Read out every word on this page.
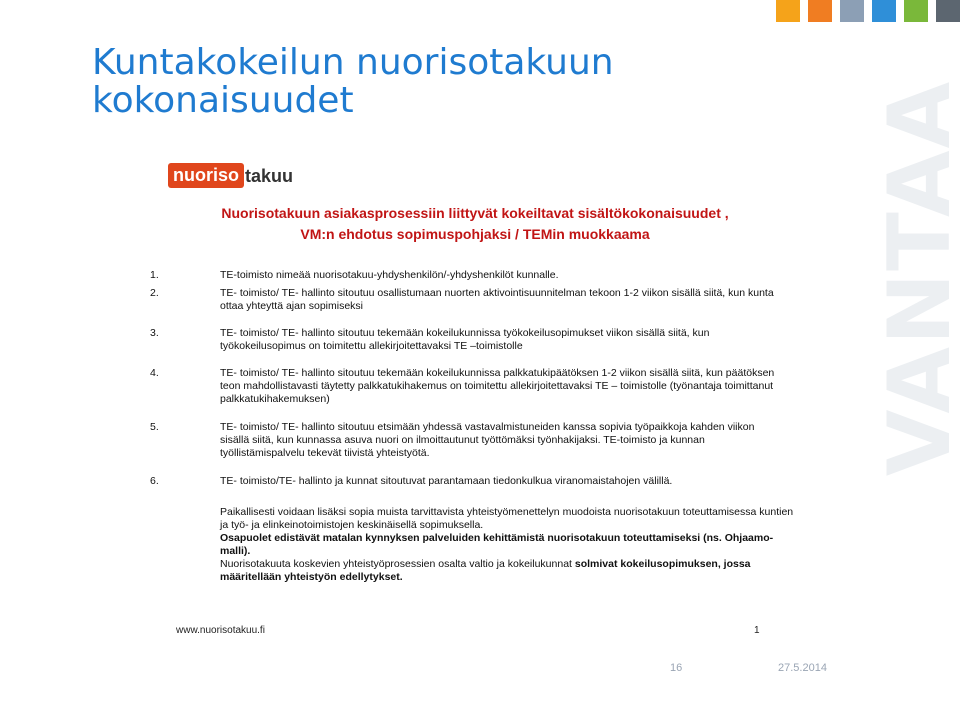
VANTAA
Kuntakokeilun nuorisotakuun
kokonaisuudet
nuoriso takuu
Nuorisotakuun asiakasprosessiin liittyvät kokeiltavat sisältökokonaisuudet ,
VM:n ehdotus sopimuspohjaksi / TEMin muokkaama
1.	TE-toimisto nimeää nuorisotakuu-yhdyshenkilön/-yhdyshenkilöt kunnalle.
2.	TE- toimisto/ TE- hallinto sitoutuu osallistumaan nuorten aktivointisuunnitelman tekoon 1-2 viikon sisällä siitä, kun kunta ottaa yhteyttä ajan sopimiseksi
3.	TE- toimisto/ TE- hallinto sitoutuu tekemään kokeilukunnissa työkokeilusopimukset viikon sisällä siitä, kun työkokeilusopimus on toimitettu allekirjoitettavaksi TE –toimistolle
4.	TE- toimisto/ TE- hallinto sitoutuu tekemään kokeilukunnissa palkkatukipäätöksen 1-2 viikon sisällä siitä, kun päätöksen teon mahdollistavasti täytetty palkkatukihakemus on toimitettu allekirjoitettavaksi TE – toimistolle (työnantaja toimittanut palkkatukihakemuksen)
5.	TE- toimisto/ TE- hallinto sitoutuu etsimään yhdessä vastavalmistuneiden kanssa sopivia työpaikkoja kahden viikon sisällä siitä, kun kunnassa asuva nuori on ilmoittautunut työttömäksi työnhakijaksi. TE-toimisto ja kunnan työllistämispalvelu tekevät tiivistä yhteistyötä.
6.	TE- toimisto/TE- hallinto ja kunnat sitoutuvat parantamaan tiedonkulkua viranomaistahojen välillä.

Paikallisesti voidaan lisäksi sopia muista tarvittavista yhteistyömenettelyn muodoista nuorisotakuun toteuttamisessa kuntien ja työ- ja elinkeinotoimistojen keskinäisellä sopimuksella.

Osapuolet edistävät matalan kynnyksen palveluiden kehittämistä nuorisotakuun toteuttamiseksi (ns. Ohjaamo-malli).

Nuorisotakuuta koskevien yhteistyöprosessien osalta valtio ja kokeilukunnat solmivat kokeilusopimuksen, jossa määritellään yhteistyön edellytykset.

www.nuorisotakuu.fi	1
16	27.5.2014
